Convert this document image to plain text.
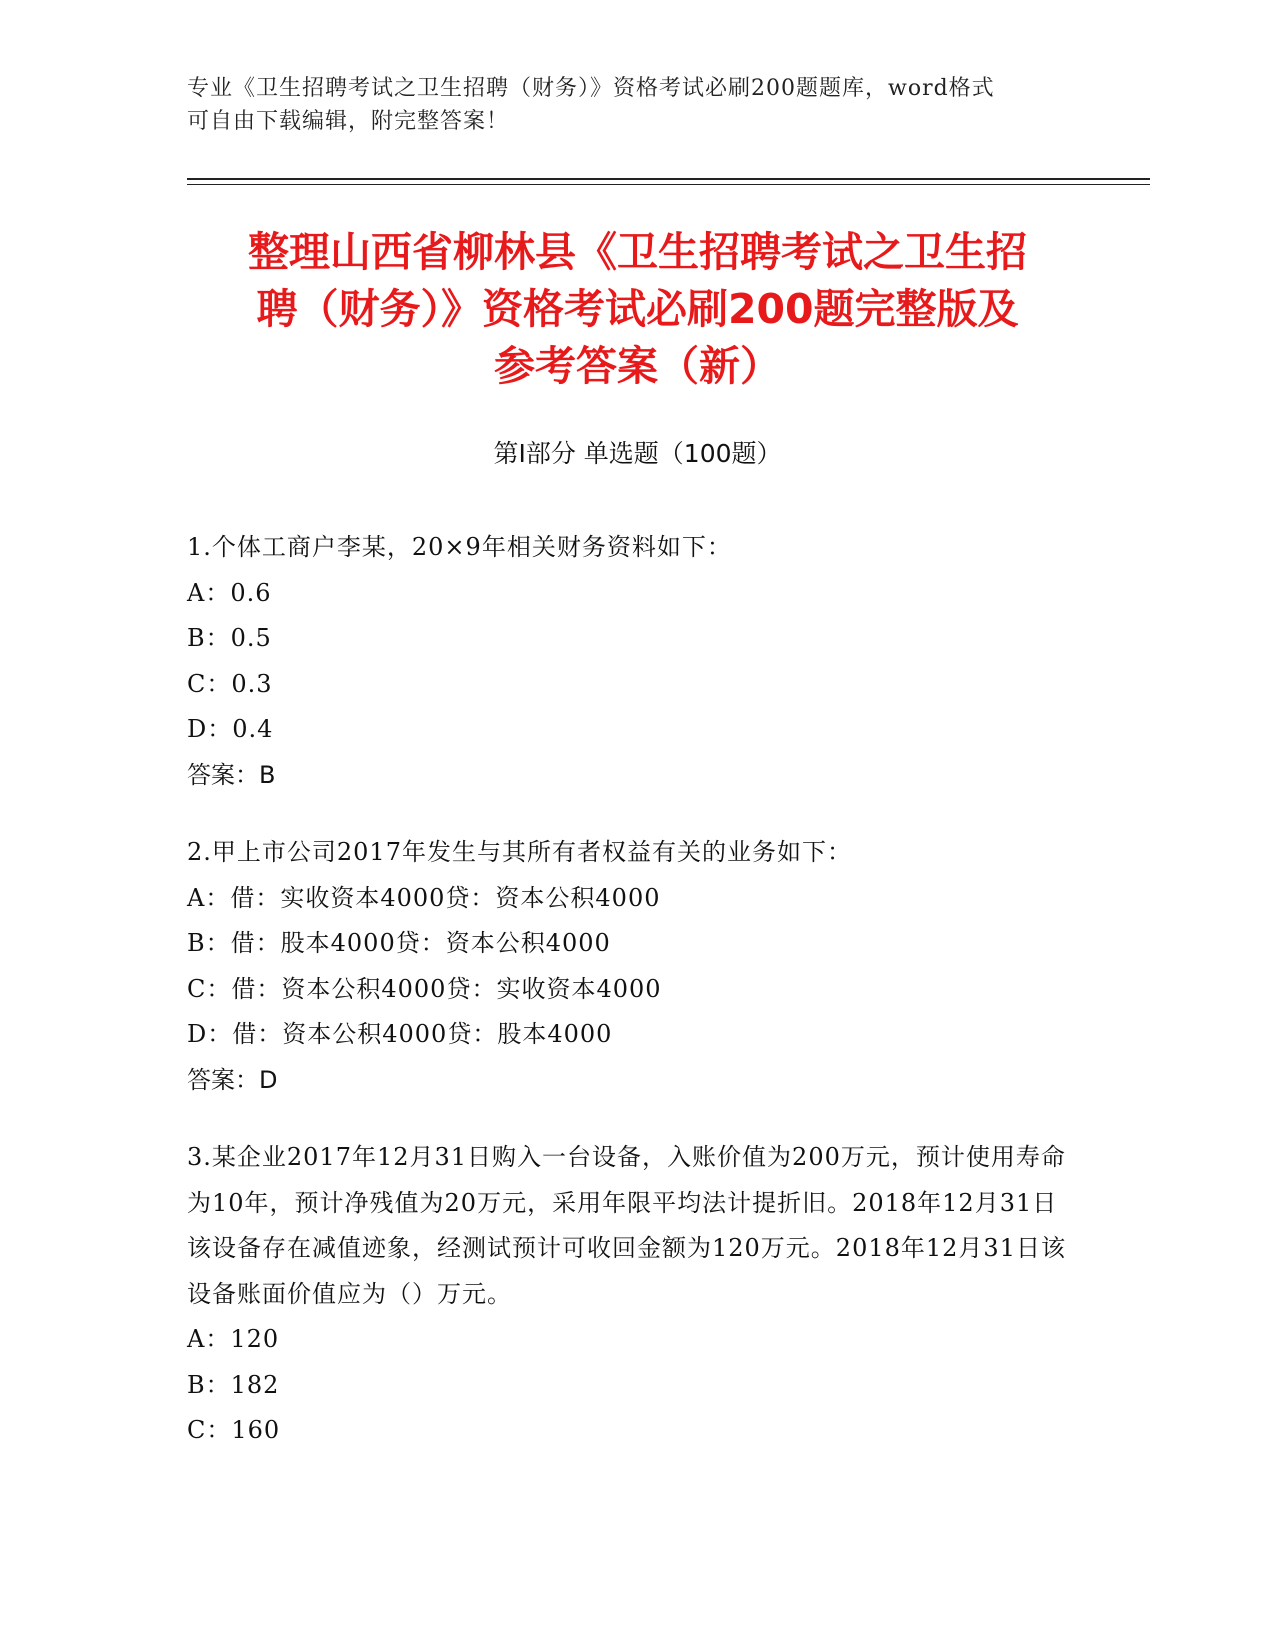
专业《卫生招聘考试之卫生招聘（财务）》资格考试必刷200题题库，word格式
可自由下载编辑，附完整答案！
整理山西省柳林县《卫生招聘考试之卫生招
聘（财务）》资格考试必刷200题完整版及
参考答案（新）
第Ⅰ部分 单选题（100题）

1.个体工商户李某，20×9年相关财务资料如下：

A：0.6

B：0.5

C：0.3

D：0.4

答案：B

2.甲上市公司2017年发生与其所有者权益有关的业务如下：

A：借：实收资本4000贷：资本公积4000

B：借：股本4000贷：资本公积4000

C：借：资本公积4000贷：实收资本4000

D：借：资本公积4000贷：股本4000

答案：D

3.某企业2017年12月31日购入一台设备，入账价值为200万元，预计使用寿命为10年，预计净残值为20万元，采用年限平均法计提折旧。2018年12月31日该设备存在减值迹象，经测试预计可收回金额为120万元。2018年12月31日该设备账面价值应为（）万元。

A：120

B：182

C：160
